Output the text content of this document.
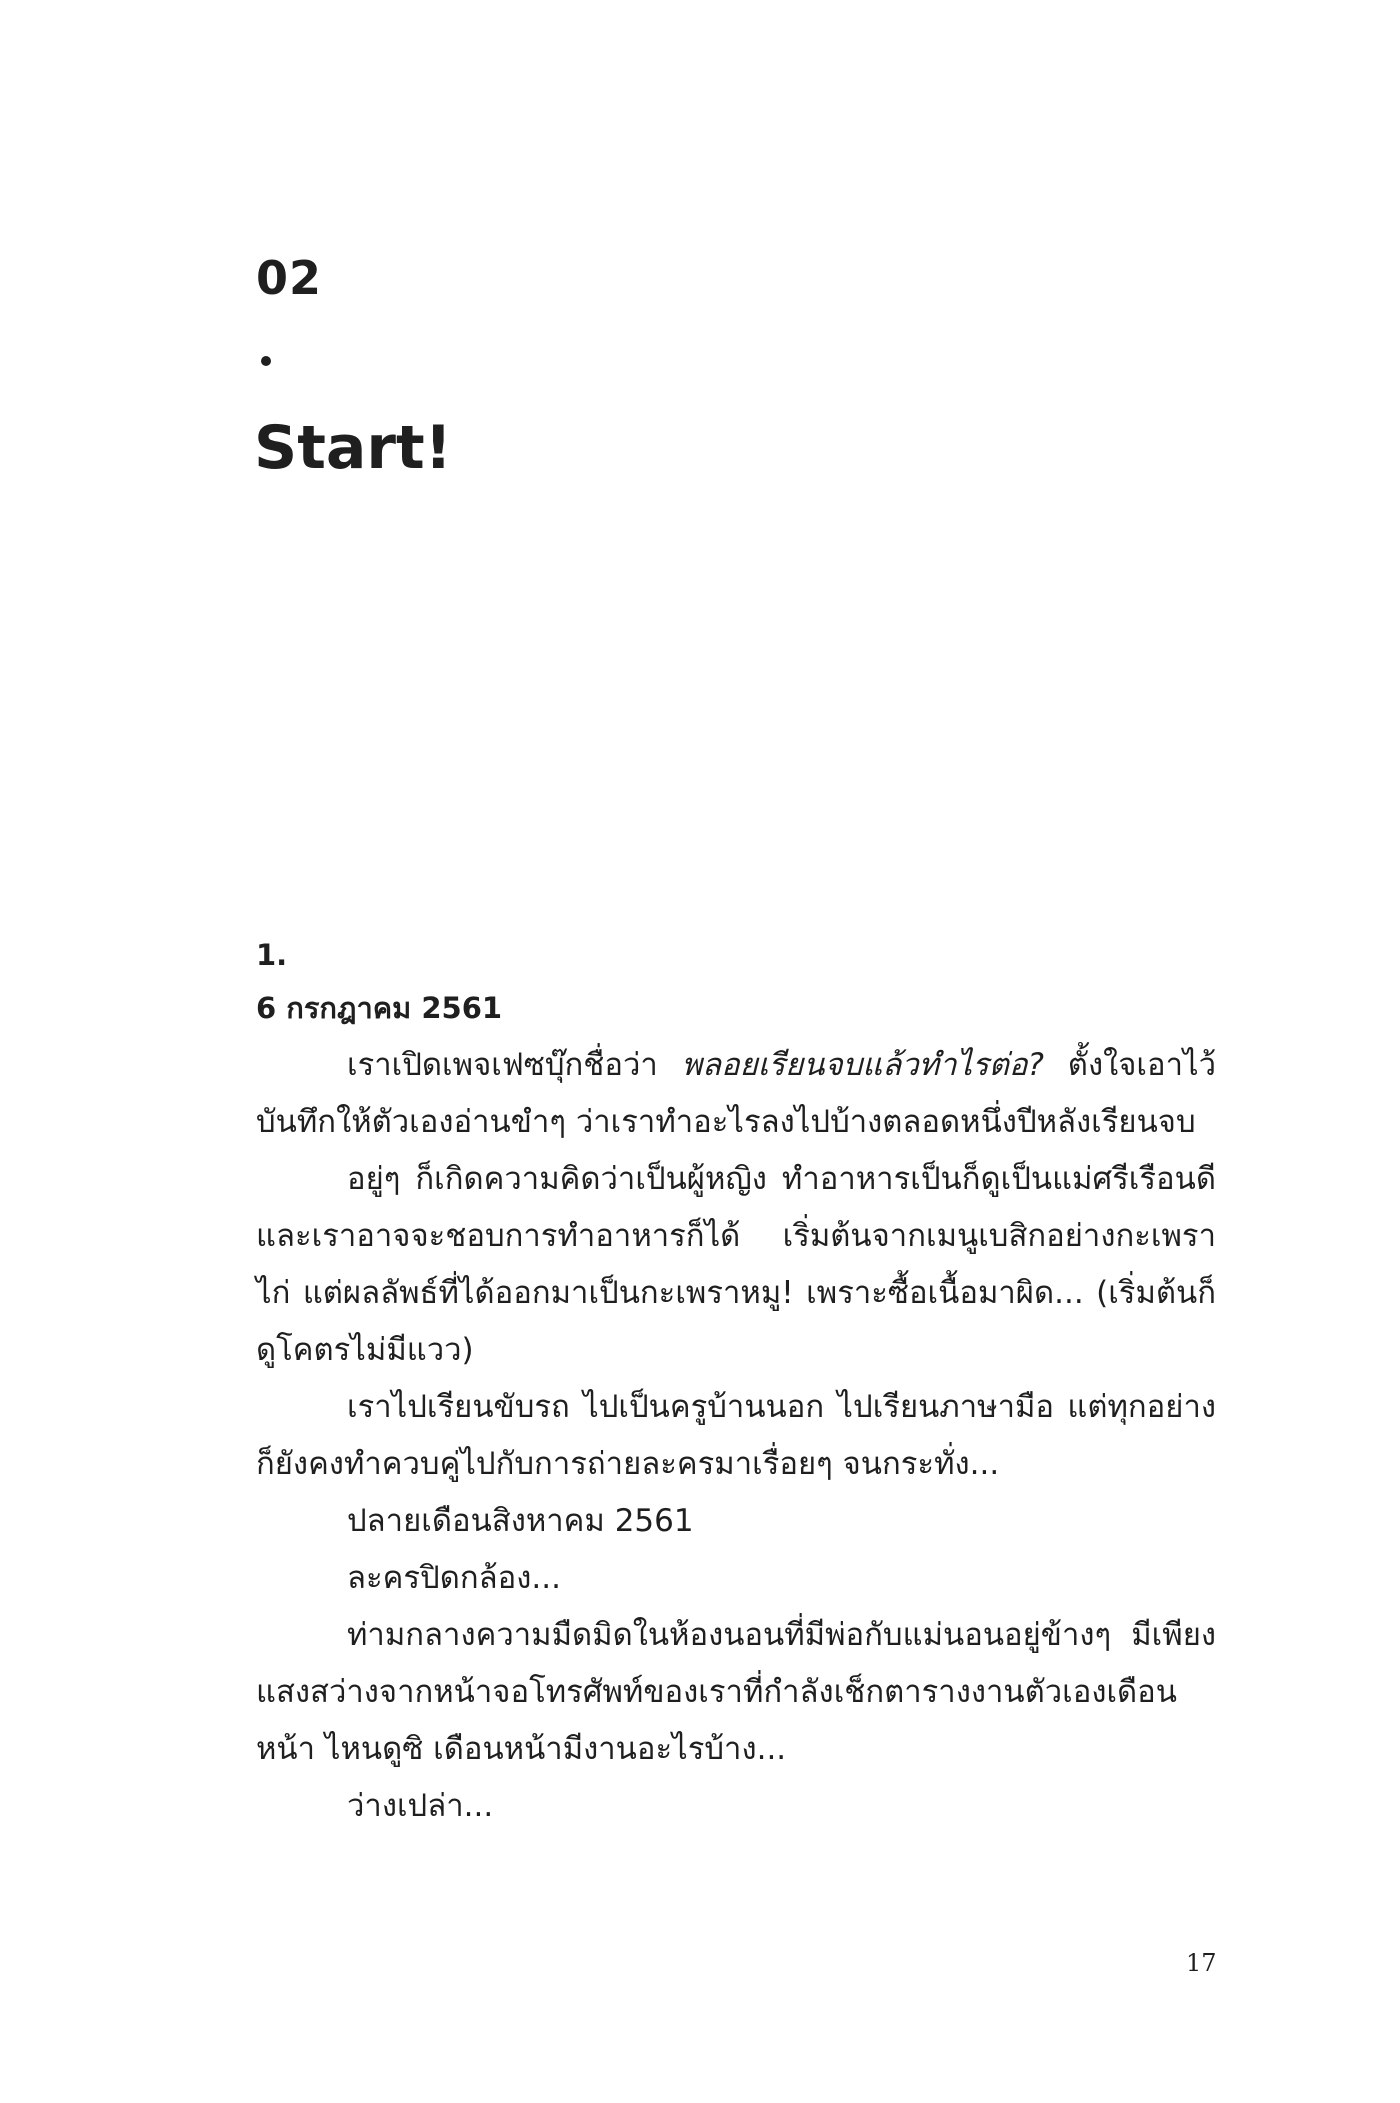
02
Start!
1.
6 กรกฎาคม 2561

เราเปิดเพจเฟซบุ๊กชื่อว่า พลอยเรียนจบแล้วทำไรต่อ? ตั้งใจเอาไว้บันทึกให้ตัวเองอ่านขำๆ ว่าเราทำอะไรลงไปบ้างตลอดหนึ่งปีหลังเรียนจบ

อยู่ๆ ก็เกิดความคิดว่าเป็นผู้หญิง ทำอาหารเป็นก็ดูเป็นแม่ศรีเรือนดี และเราอาจจะชอบการทำอาหารก็ได้ เริ่มต้นจากเมนูเบสิกอย่างกะเพราไก่ แต่ผลลัพธ์ที่ได้ออกมาเป็นกะเพราหมู! เพราะซื้อเนื้อมาผิด... (เริ่มต้นก็ดูโคตรไม่มีแวว)

เราไปเรียนขับรถ ไปเป็นครูบ้านนอก ไปเรียนภาษามือ แต่ทุกอย่างก็ยังคงทำควบคู่ไปกับการถ่ายละครมาเรื่อยๆ จนกระทั่ง...

ปลายเดือนสิงหาคม 2561

ละครปิดกล้อง...

ท่ามกลางความมืดมิดในห้องนอนที่มีพ่อกับแม่นอนอยู่ข้างๆ มีเพียงแสงสว่างจากหน้าจอโทรศัพท์ของเราที่กำลังเช็กตารางงานตัวเองเดือนหน้า ไหนดูซิ เดือนหน้ามีงานอะไรบ้าง...

ว่างเปล่า...

17
